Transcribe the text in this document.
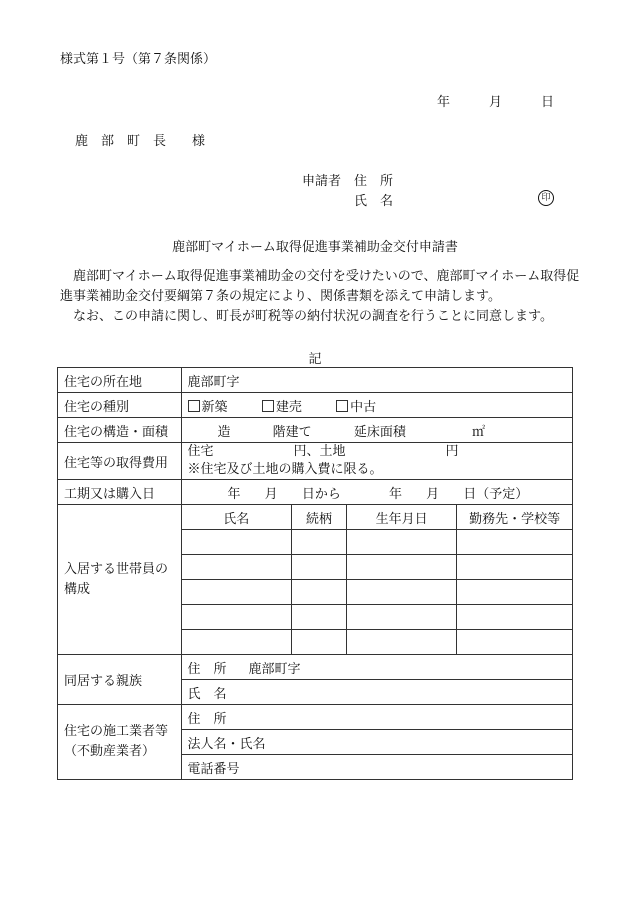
様式第１号（第７条関係）
年	月	日
鹿　部　町　長　　様
申請者 住　所
氏　名	印
鹿部町マイホーム取得促進事業補助金交付申請書

鹿部町マイホーム取得促進事業補助金の交付を受けたいので、鹿部町マイホーム取得促進事業補助金交付要綱第７条の規定により、関係書類を添えて申請します。

なお、この申請に関し、町長が町税等の納付状況の調査を行うことに同意します。

記
住宅の所在地	鹿部町字			
住宅の種別	新築 建売 中古			
住宅の構造・面積	造 階建て 延床面積 ㎡			
住宅等の取得費用	住宅 円、土地 円
※住宅及び土地の購入費に限る。			
工期又は購入日	年 月 日から 年 月 日（予定）			
入居する世帯員の構成	氏名	続柄	生年月日	勤務先・学校等

同居する親族	住　所 鹿部町字			
	氏　名			
住宅の施工業者等
（不動産業者）	住　所			
	法人名・氏名			
	電話番号			
